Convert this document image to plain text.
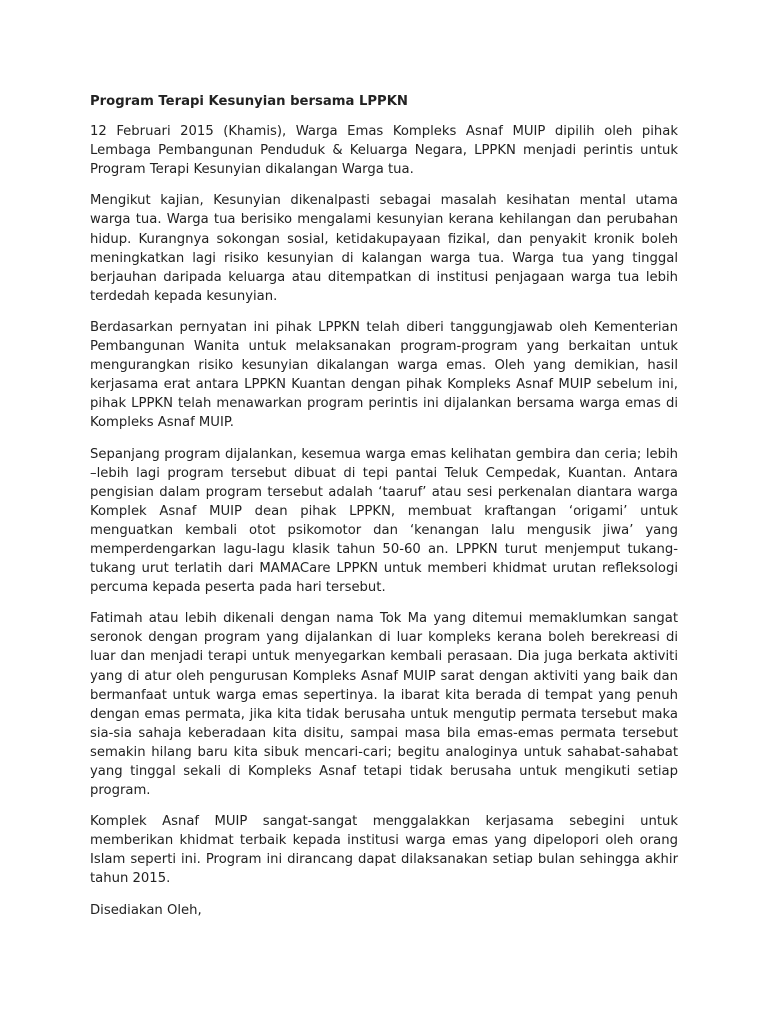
Program Terapi Kesunyian bersama LPPKN

12 Februari 2015 (Khamis), Warga Emas Kompleks Asnaf MUIP dipilih oleh pihak Lembaga Pembangunan Penduduk & Keluarga Negara, LPPKN menjadi perintis untuk Program Terapi Kesunyian dikalangan Warga tua.

Mengikut kajian, Kesunyian dikenalpasti sebagai masalah kesihatan mental utama warga tua. Warga tua berisiko mengalami kesunyian kerana kehilangan dan perubahan hidup. Kurangnya sokongan sosial, ketidakupayaan fizikal, dan penyakit kronik boleh meningkatkan lagi risiko kesunyian di kalangan warga tua. Warga tua yang tinggal berjauhan daripada keluarga atau ditempatkan di institusi penjagaan warga tua lebih terdedah kepada kesunyian.

Berdasarkan pernyatan ini pihak LPPKN telah diberi tanggungjawab oleh Kementerian Pembangunan Wanita untuk melaksanakan program-program yang berkaitan untuk mengurangkan risiko kesunyian dikalangan warga emas. Oleh yang demikian, hasil kerjasama erat antara LPPKN Kuantan dengan pihak Kompleks Asnaf MUIP sebelum ini, pihak LPPKN telah menawarkan program perintis ini dijalankan bersama warga emas di Kompleks Asnaf MUIP.

Sepanjang program dijalankan, kesemua warga emas kelihatan gembira dan ceria; lebih –lebih lagi program tersebut dibuat di tepi pantai Teluk Cempedak, Kuantan. Antara pengisian dalam program tersebut adalah ‘taaruf’ atau sesi perkenalan diantara warga Komplek Asnaf MUIP dean pihak LPPKN, membuat kraftangan ‘origami’ untuk menguatkan kembali otot psikomotor dan ‘kenangan lalu mengusik jiwa’ yang memperdengarkan lagu-lagu klasik tahun 50-60 an. LPPKN turut menjemput tukang-tukang urut terlatih dari MAMACare LPPKN untuk memberi khidmat urutan refleksologi percuma kepada peserta pada hari tersebut.

Fatimah atau lebih dikenali dengan nama Tok Ma yang ditemui memaklumkan sangat seronok dengan program yang dijalankan di luar kompleks kerana boleh berekreasi di luar dan menjadi terapi untuk menyegarkan kembali perasaan. Dia juga berkata aktiviti yang di atur oleh pengurusan Kompleks Asnaf MUIP sarat dengan aktiviti yang baik dan bermanfaat untuk warga emas sepertinya. Ia ibarat kita berada di tempat yang penuh dengan emas permata, jika kita tidak berusaha untuk mengutip permata tersebut maka sia-sia sahaja keberadaan kita disitu, sampai masa bila emas-emas permata tersebut semakin hilang baru kita sibuk mencari-cari; begitu analoginya untuk sahabat-sahabat yang tinggal sekali di Kompleks Asnaf tetapi tidak berusaha untuk mengikuti setiap program.

Komplek Asnaf MUIP sangat-sangat menggalakkan kerjasama sebegini untuk memberikan khidmat terbaik kepada institusi warga emas yang dipelopori oleh orang Islam seperti ini. Program ini dirancang dapat dilaksanakan setiap bulan sehingga akhir tahun 2015.

Disediakan Oleh,
